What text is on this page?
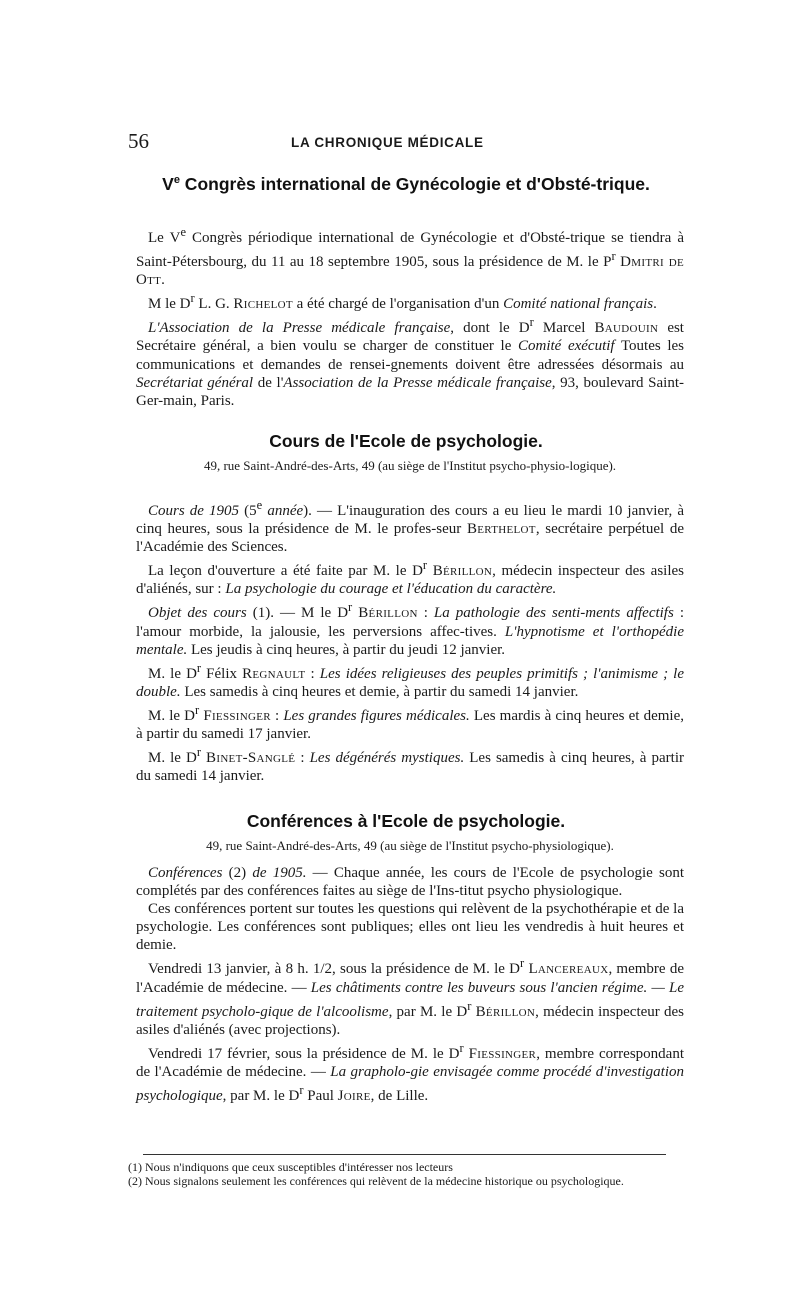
56	LA CHRONIQUE MÉDICALE
Ve Congrès international de Gynécologie et d'Obsté-trique.

Le Ve Congrès périodique international de Gynécologie et d'Obsté-trique se tiendra à Saint-Pétersbourg, du 11 au 18 septembre 1905, sous la présidence de M. le $P^r$ Dmitri de Ott.

M le $D^r$ L. G. Richelot a été chargé de l'organisation d'un Comité national français.

L'Association de la Presse médicale française, dont le $D^r$ Marcel Baudouin est Secrétaire général, a bien voulu se charger de constituer le Comité exécutif Toutes les communications et demandes de rensei-gnements doivent être adressées désormais au Secrétariat général de l'Association de la Presse médicale française, 93, boulevard Saint-Ger-main, Paris.

Cours de l'Ecole de psychologie.
49, rue Saint-André-des-Arts, 49 (au siège de l'Institut psycho-physio-logique).

Cours de 1905 (5e année). — L'inauguration des cours a eu lieu le mardi 10 janvier, à cinq heures, sous la présidence de M. le profes-seur Berthelot, secrétaire perpétuel de l'Académie des Sciences.

La leçon d'ouverture a été faite par M. le $D^r$ Bérillon, médecin inspecteur des asiles d'aliénés, sur : La psychologie du courage et l'éducation du caractère.

Objet des cours (1). — M le $D^r$ Bérillon : La pathologie des senti-ments affectifs : l'amour morbide, la jalousie, les perversions affec-tives. L'hypnotisme et l'orthopédie mentale. Les jeudis à cinq heures, à partir du jeudi 12 janvier.

M. le $D^r$ Félix Regnault : Les idées religieuses des peuples primitifs ; l'animisme ; le double. Les samedis à cinq heures et demie, à partir du samedi 14 janvier.

M. le $D^r$ Fiessinger : Les grandes figures médicales. Les mardis à cinq heures et demie, à partir du samedi 17 janvier.

M. le $D^r$ Binet-Sanglé : Les dégénérés mystiques. Les samedis à cinq heures, à partir du samedi 14 janvier.

Conférences à l'Ecole de psychologie.
49, rue Saint-André-des-Arts, 49 (au siège de l'Institut psycho-physiologique).

Conférences (2) de 1905. — Chaque année, les cours de l'Ecole de psychologie sont complétés par des conférences faites au siège de l'Ins-titut psycho physiologique.

Ces conférences portent sur toutes les questions qui relèvent de la psychothérapie et de la psychologie. Les conférences sont publiques; elles ont lieu les vendredis à huit heures et demie.

Vendredi 13 janvier, à 8 h. 1/2, sous la présidence de M. le $D^r$ Lancereaux, membre de l'Académie de médecine. — Les châtiments contre les buveurs sous l'ancien régime. — Le traitement psycholo-gique de l'alcoolisme, par M. le $D^r$ Bérillon, médecin inspecteur des asiles d'aliénés (avec projections).

Vendredi 17 février, sous la présidence de M. le $D^r$ Fiessinger, membre correspondant de l'Académie de médecine. — La grapholo-gie envisagée comme procédé d'investigation psychologique, par M. le $D^r$ Paul Joire, de Lille.

(1) Nous n'indiquons que ceux susceptibles d'intéresser nos lecteurs

(2) Nous signalons seulement les conférences qui relèvent de la médecine historique ou psychologique.
